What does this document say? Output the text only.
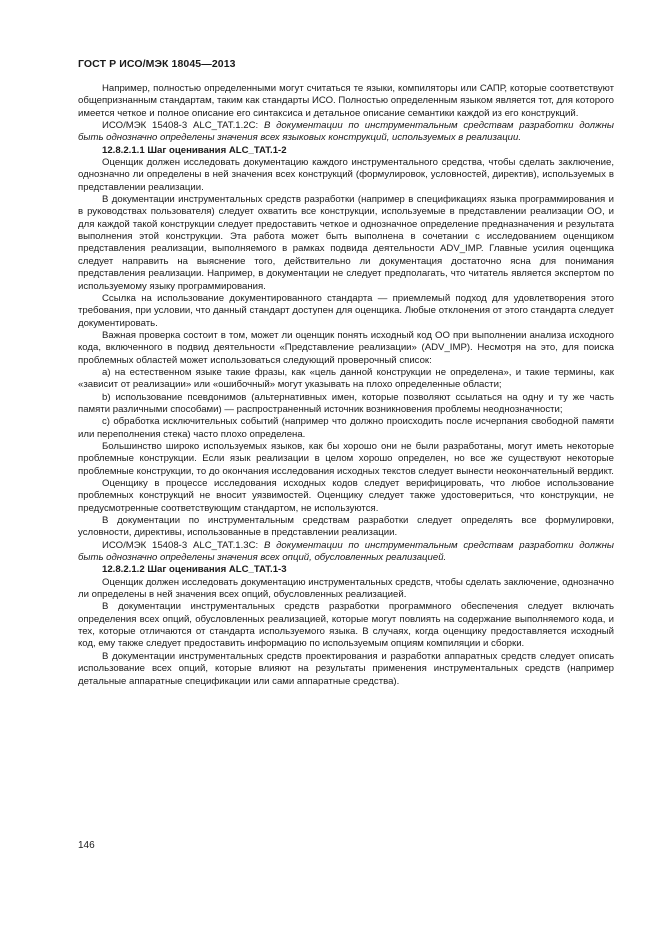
ГОСТ Р ИСО/МЭК 18045—2013

Например, полностью определенными могут считаться те языки, компиляторы или САПР, которые соответствуют общепризнанным стандартам, таким как стандарты ИСО. Полностью определенным языком является тот, для которого имеется четкое и полное описание его синтаксиса и детальное описание семантики каждой из его конструкций.

ИСО/МЭК 15408-3 ALC_TAT.1.2C: В документации по инструментальным средствам разработки должны быть однозначно определены значения всех языковых конструкций, используемых в реализации.

12.8.2.1.1 Шаг оценивания ALC_TAT.1-2

Оценщик должен исследовать документацию каждого инструментального средства, чтобы сделать заключение, однозначно ли определены в ней значения всех конструкций (формулировок, условностей, директив), используемых в представлении реализации.

В документации инструментальных средств разработки (например в спецификациях языка программирования и в руководствах пользователя) следует охватить все конструкции, используемые в представлении реализации ОО, и для каждой такой конструкции следует предоставить четкое и однозначное определение предназначения и результата выполнения этой конструкции. Эта работа может быть выполнена в сочетании с исследованием оценщиком представления реализации, выполняемого в рамках подвида деятельности ADV_IMP. Главные усилия оценщика следует направить на выяснение того, действительно ли документация достаточно ясна для понимания представления реализации. Например, в документации не следует предполагать, что читатель является экспертом по используемому языку программирования.

Ссылка на использование документированного стандарта — приемлемый подход для удовлетворения этого требования, при условии, что данный стандарт доступен для оценщика. Любые отклонения от этого стандарта следует документировать.

Важная проверка состоит в том, может ли оценщик понять исходный код ОО при выполнении анализа исходного кода, включенного в подвид деятельности «Представление реализации» (ADV_IMP). Несмотря на это, для поиска проблемных областей может использоваться следующий проверочный список:

a) на естественном языке такие фразы, как «цель данной конструкции не определена», и такие термины, как «зависит от реализации» или «ошибочный» могут указывать на плохо определенные области;

b) использование псевдонимов (альтернативных имен, которые позволяют ссылаться на одну и ту же часть памяти различными способами) — распространенный источник возникновения проблемы неоднозначности;

c) обработка исключительных событий (например что должно происходить после исчерпания свободной памяти или переполнения стека) часто плохо определена.

Большинство широко используемых языков, как бы хорошо они не были разработаны, могут иметь некоторые проблемные конструкции. Если язык реализации в целом хорошо определен, но все же существуют некоторые проблемные конструкции, то до окончания исследования исходных текстов следует вынести неокончательный вердикт.

Оценщику в процессе исследования исходных кодов следует верифицировать, что любое использование проблемных конструкций не вносит уязвимостей. Оценщику следует также удостовериться, что конструкции, не предусмотренные соответствующим стандартом, не используются.

В документации по инструментальным средствам разработки следует определять все формулировки, условности, директивы, использованные в представлении реализации.

ИСО/МЭК 15408-3 ALC_TAT.1.3C: В документации по инструментальным средствам разработки должны быть однозначно определены значения всех опций, обусловленных реализацией.

12.8.2.1.2 Шаг оценивания ALC_TAT.1-3

Оценщик должен исследовать документацию инструментальных средств, чтобы сделать заключение, однозначно ли определены в ней значения всех опций, обусловленных реализацией.

В документации инструментальных средств разработки программного обеспечения следует включать определения всех опций, обусловленных реализацией, которые могут повлиять на содержание выполняемого кода, и тех, которые отличаются от стандарта используемого языка. В случаях, когда оценщику предоставляется исходный код, ему также следует предоставить информацию по используемым опциям компиляции и сборки.

В документации инструментальных средств проектирования и разработки аппаратных средств следует описать использование всех опций, которые влияют на результаты применения инструментальных средств (например детальные аппаратные спецификации или сами аппаратные средства).

146
